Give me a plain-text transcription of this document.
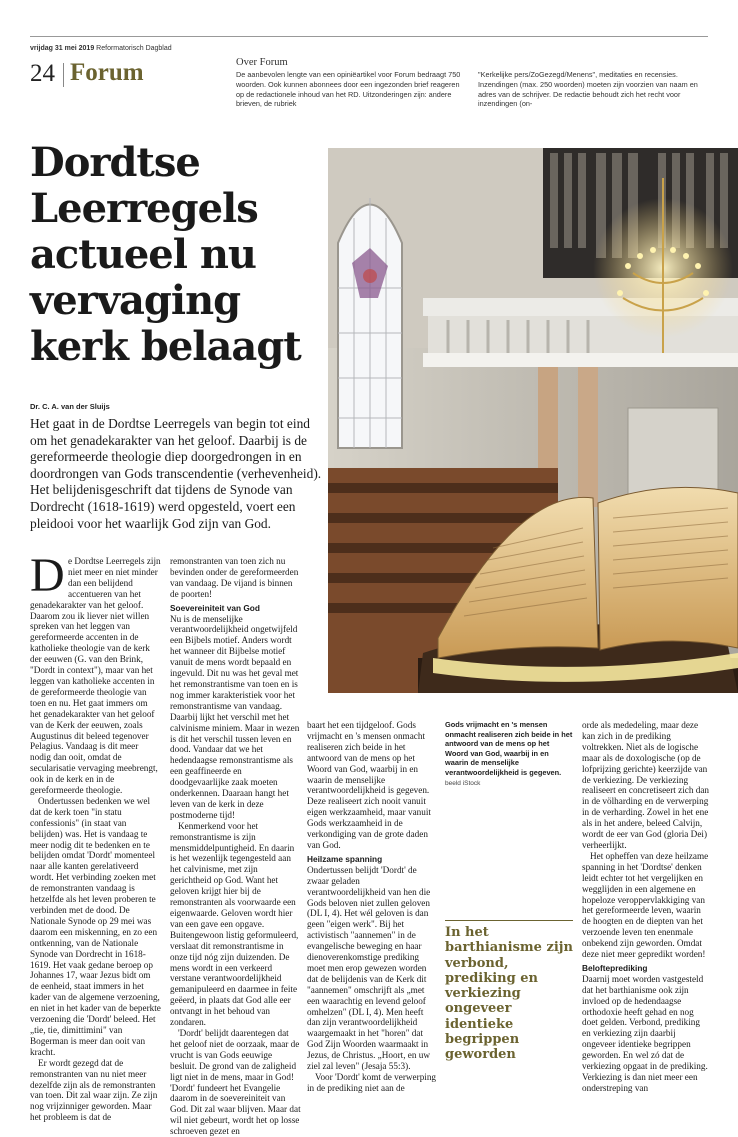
vrijdag 31 mei 2019 Reformatorisch Dagblad
24 Forum	Over Forum
De aanbevolen lengte van een opiniëartikel voor Forum bedraagt 750 woorden. Ook kunnen abonnees door een ingezonden brief reageren op de redactionele inhoud van het RD. Uitzonderingen zijn: andere brieven, de rubriek
"Kerkelijke pers/ZoGezegd/Menens", meditaties en recensies. Inzendingen (max. 250 woorden) moeten zijn voorzien van naam en adres van de schrijver. De redactie behoudt zich het recht voor inzendingen (on-
Dordtse Leerregels actueel nu vervaging kerk belaagt
Dr. C. A. van der Sluijs
Het gaat in de Dordtse Leerregels van begin tot eind om het genadekarakter van het geloof. Daarbij is de gereformeerde theologie diep doorgedrongen in en doordrongen van Gods transcendentie (verhevenheid). Het belijdenisgeschrift dat tijdens de Synode van Dordrecht (1618-1619) werd opgesteld, voert een pleidooi voor het waarlijk God zijn van God.
D e Dordtse Leerregels zijn niet meer en niet minder dan een belijdend accentueren van het genadekarakter van het geloof. Daarom zou ik liever niet willen spreken van het leggen van gereformeerde accenten in de katholieke theologie van de kerk der eeuwen (G. van den Brink, "Dordt in context"), maar van het leggen van katholieke accenten in de gereformeerde theologie van toen en nu. Het gaat immers om het genadekarakter van het geloof van de Kerk der eeuwen, zoals Augustinus dit beleed tegenover Pelagius. Vandaag is dit meer nodig dan ooit, omdat de secularisatie vervaging meebrengt, ook in de kerk en in de gereformeerde theologie.

Ondertussen bedenken we wel dat de kerk toen "in statu confessionis" (in staat van belijden) was. Het is vandaag te meer nodig dit te bedenken en te belijden omdat 'Dordt' momenteel naar alle kanten gerelativeerd wordt. Het verbinding zoeken met de remonstranten vandaag is hetzelfde als het leven proberen te verbinden met de dood. De Nationale Synode op 29 mei was daarom een miskenning, en zo een ontkenning, van de Nationale Synode van Dordrecht in 1618-1619. Het vaak gedane beroep op Johannes 17, waar Jezus bidt om de eenheid, staat immers in het kader van de algemene verzoening, en niet in het kader van de beperkte verzoening die 'Dordt' beleed. Het „tie, tie, dimittimini" van Bogerman is meer dan ooit van kracht.

Er wordt gezegd dat de remonstranten van nu niet meer dezelfde zijn als de remonstranten van toen. Dit zal waar zijn. Ze zijn nog vrijzinniger geworden. Maar het probleem is dat de

remonstranten van toen zich nu bevinden onder de gereformeerden van vandaag. De vijand is binnen de poorten!

Soevereiniteit van God

Nu is de menselijke verantwoordelijkheid ongetwijfeld een Bijbels motief. Anders wordt het wanneer dit Bijbelse motief vanuit de mens wordt bepaald en ingevuld. Dit nu was het geval met het remonstrantisme van toen en is nog immer karakteristiek voor het remonstrantisme van vandaag. Daarbij lijkt het verschil met het calvinisme miniem. Maar in wezen is dit het verschil tussen leven en dood. Vandaar dat we het hedendaagse remonstrantisme als een geaffineerde en doodgevaarlijke zaak moeten onderkennen. Daaraan hangt het leven van de kerk in deze postmoderne tijd!

Kenmerkend voor het remonstrantisme is zijn mensmiddelpuntigheid. En daarin is het wezenlijk tegengesteld aan het calvinisme, met zijn gerichtheid op God. Want het geloven krijgt hier bij de remonstranten als voorwaarde een eigenwaarde. Geloven wordt hier van een gave een opgave. Buitengewoon listig geformuleerd, verslaat dit remonstrantisme in onze tijd nóg zijn duizenden. De mens wordt in een verkeerd verstane verantwoordelijkheid gemanipuleerd en daarmee in feite geëerd, in plaats dat God alle eer ontvangt in het behoud van zondaren.

'Dordt' belijdt daarentegen dat het geloof niet de oorzaak, maar de vrucht is van Gods eeuwige besluit. De grond van de zaligheid ligt niet in de mens, maar in God! 'Dordt' fundeert het Evangelie daarom in de soevereiniteit van God. Dit zal waar blijven. Maar dat wil niet gebeurt, wordt het op losse schroeven gezet en

baart het een tijdgeloof. Gods vrijmacht en 's mensen onmacht realiseren zich beide in het antwoord van de mens op het Woord van God, waarbij in en waarin de menselijke verantwoordelijkheid is gegeven. Deze realiseert zich nooit vanuit eigen werkzaamheid, maar vanuit Gods werkzaamheid in de verkondiging van de grote daden van God.

Heilzame spanning

Ondertussen belijdt 'Dordt' de zwaar geladen verantwoordelijkheid van hen die Gods beloven niet zullen geloven (DL I, 4). Het wél geloven is dan geen "eigen werk". Bij het activistisch "aannemen" in de evangelische beweging en haar dienoverenkomstige prediking moet men erop gewezen worden dat de belijdenis van de Kerk dit "aannemen" omschrijft als „met een waarachtig en levend geloof omhelzen" (DL I, 4). Men heeft dan zijn verantwoordelijkheid waargemaakt in het "horen" dat God Zijn Woorden waarmaakt in Jezus, de Christus. „Hoort, en uw ziel zal leven" (Jesaja 55:3).

Voor 'Dordt' komt de verwerping in de prediking niet aan de

Gods vrijmacht en 's mensen onmacht realiseren zich beide in het antwoord van de mens op het Woord van God, waarbij in en waarin de menselijke verantwoordelijkheid is gegeven. beeld iStock
In het barthianisme zijn verbond, prediking en verkiezing ongeveer identieke begrippen geworden

orde als mededeling, maar deze kan zich in de prediking voltrekken. Niet als de logische maar als de doxologische (op de lofprijzing gerichte) keerzijde van de verkiezing. De verkiezing realiseert en concretiseert zich dan in de völharding en de verwerping in de verharding. Zowel in het ene als in het andere, beleed Calvijn, wordt de eer van God (gloria Dei) verheerlijkt.

Het opheffen van deze heilzame spanning in het 'Dordtse' denken leidt echter tot het vergelijken en wegglijden in een algemene en hopeloze veroppervlakkiging van het gereformeerde leven, waarin de hoogten en de diepten van het verzoende leven ten enenmale onbekend zijn geworden. Omdat deze niet meer gepredikt worden!

Belofteprediking

Daarnij moet worden vastgesteld dat het barthianisme ook zijn invloed op de hedendaagse orthodoxie heeft gehad en nog doet gelden. Verbond, prediking en verkiezing zijn daarbij ongeveer identieke begrippen geworden. En wel zó dat de verkiezing opgaat in de prediking. Verkiezing is dan niet meer een onderstreping van
